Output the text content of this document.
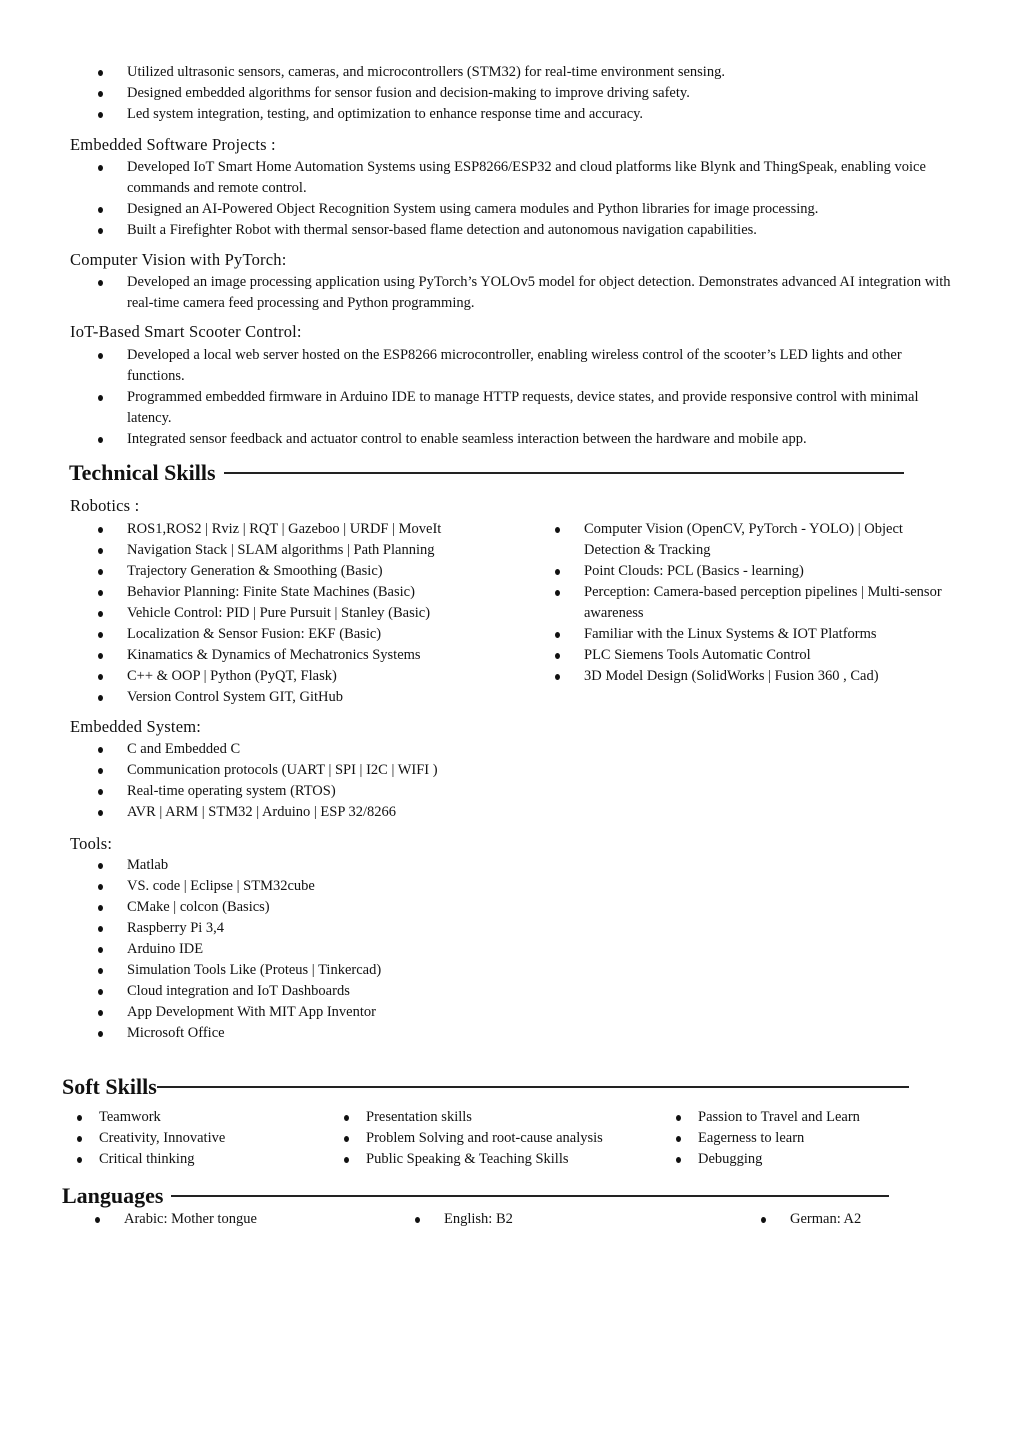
Utilized ultrasonic sensors, cameras, and microcontrollers (STM32) for real-time environment sensing.
Designed embedded algorithms for sensor fusion and decision-making to improve driving safety.
Led system integration, testing, and optimization to enhance response time and accuracy.
Embedded Software Projects :
Developed IoT Smart Home Automation Systems using ESP8266/ESP32 and cloud platforms like Blynk and ThingSpeak, enabling voice commands and remote control.
Designed an AI-Powered Object Recognition System using camera modules and Python libraries for image processing.
Built a Firefighter Robot with thermal sensor-based flame detection and autonomous navigation capabilities.
Computer Vision with PyTorch:
Developed an image processing application using PyTorch’s YOLOv5 model for object detection. Demonstrates advanced AI integration with real-time camera feed processing and Python programming.
IoT-Based Smart Scooter Control:
Developed a local web server hosted on the ESP8266 microcontroller, enabling wireless control of the scooter’s LED lights and other functions.
Programmed embedded firmware in Arduino IDE to manage HTTP requests, device states, and provide responsive control with minimal latency.
Integrated sensor feedback and actuator control to enable seamless interaction between the hardware and mobile app.
Technical Skills
Robotics :
ROS1,ROS2 | Rviz | RQT | Gazeboo | URDF | MoveIt
Navigation Stack | SLAM algorithms | Path Planning
Trajectory Generation & Smoothing (Basic)
Behavior Planning: Finite State Machines (Basic)
Vehicle Control: PID | Pure Pursuit | Stanley (Basic)
Localization & Sensor Fusion: EKF (Basic)
Kinamatics & Dynamics of Mechatronics Systems
C++ & OOP | Python (PyQT, Flask)
Version Control System GIT, GitHub
Computer Vision (OpenCV, PyTorch - YOLO) | Object Detection & Tracking
Point Clouds: PCL (Basics - learning)
Perception: Camera-based perception pipelines | Multi-sensor awareness
Familiar with the Linux Systems & IOT Platforms
PLC Siemens Tools Automatic Control
3D Model Design (SolidWorks | Fusion 360 , Cad)
Embedded System:
C and Embedded C
Communication protocols (UART | SPI | I2C | WIFI )
Real-time operating system (RTOS)
AVR | ARM | STM32 | Arduino | ESP 32/8266
Tools:
Matlab
VS. code | Eclipse | STM32cube
CMake | colcon (Basics)
Raspberry Pi 3,4
Arduino IDE
Simulation Tools Like (Proteus | Tinkercad)
Cloud integration and IoT Dashboards
App Development With MIT App Inventor
Microsoft Office
Soft Skills
Teamwork
Creativity, Innovative
Critical thinking
Presentation skills
Problem Solving and root-cause analysis
Public Speaking & Teaching Skills
Passion to Travel and Learn
Eagerness to learn
Debugging
Languages
Arabic: Mother tongue	English: B2	German: A2
